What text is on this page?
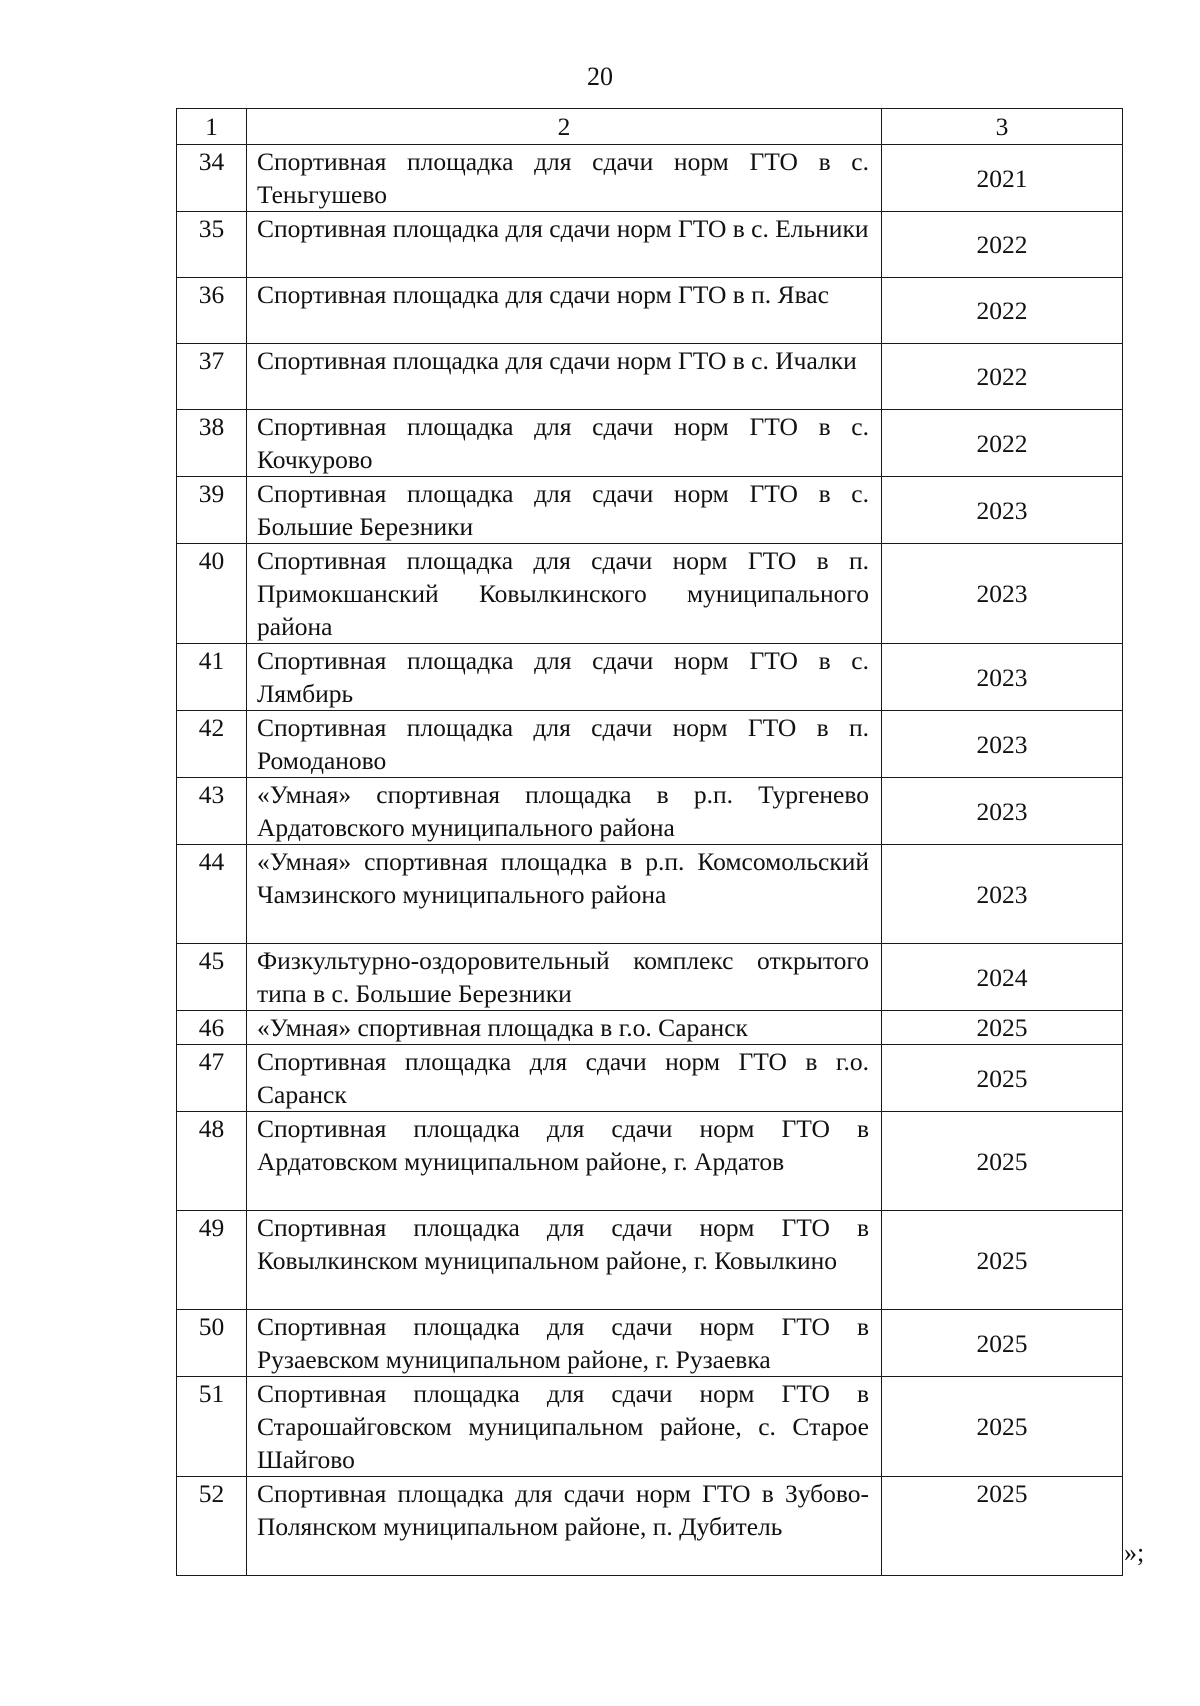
20
1	2	3
34	Спортивная площадка для сдачи норм ГТО в с. Теньгушево	2021
35	Спортивная площадка для сдачи норм ГТО в с. Ельники	2022
36	Спортивная площадка для сдачи норм ГТО в п. Явас	2022
37	Спортивная площадка для сдачи норм ГТО в с. Ичалки	2022
38	Спортивная площадка для сдачи норм ГТО в с. Кочкурово	2022
39	Спортивная площадка для сдачи норм ГТО в с. Большие Березники	2023
40	Спортивная площадка для сдачи норм ГТО в п. Примокшанский Ковылкинского муниципального района	2023
41	Спортивная площадка для сдачи норм ГТО в с. Лямбирь	2023
42	Спортивная площадка для сдачи норм ГТО в п. Ромоданово	2023
43	«Умная» спортивная площадка в р.п. Тургенево Ардатовского муниципального района	2023
44	«Умная» спортивная площадка в р.п. Комсомольский Чамзинского муниципального района	2023
45	Физкультурно-оздоровительный комплекс открытого типа в с. Большие Березники	2024
46	«Умная» спортивная площадка в г.о. Саранск	2025
47	Спортивная площадка для сдачи норм ГТО в г.о. Саранск	2025
48	Спортивная площадка для сдачи норм ГТО в Ардатовском муниципальном районе, г. Ардатов	2025
49	Спортивная площадка для сдачи норм ГТО в Ковылкинском муниципальном районе, г. Ковылкино	2025
50	Спортивная площадка для сдачи норм ГТО в Рузаевском муниципальном районе, г. Рузаевка	2025
51	Спортивная площадка для сдачи норм ГТО в Старошайговском муниципальном районе, с. Старое Шайгово	2025
52	Спортивная площадка для сдачи норм ГТО в Зубово-Полянском муниципальном районе, п. Дубитель	2025
»;
